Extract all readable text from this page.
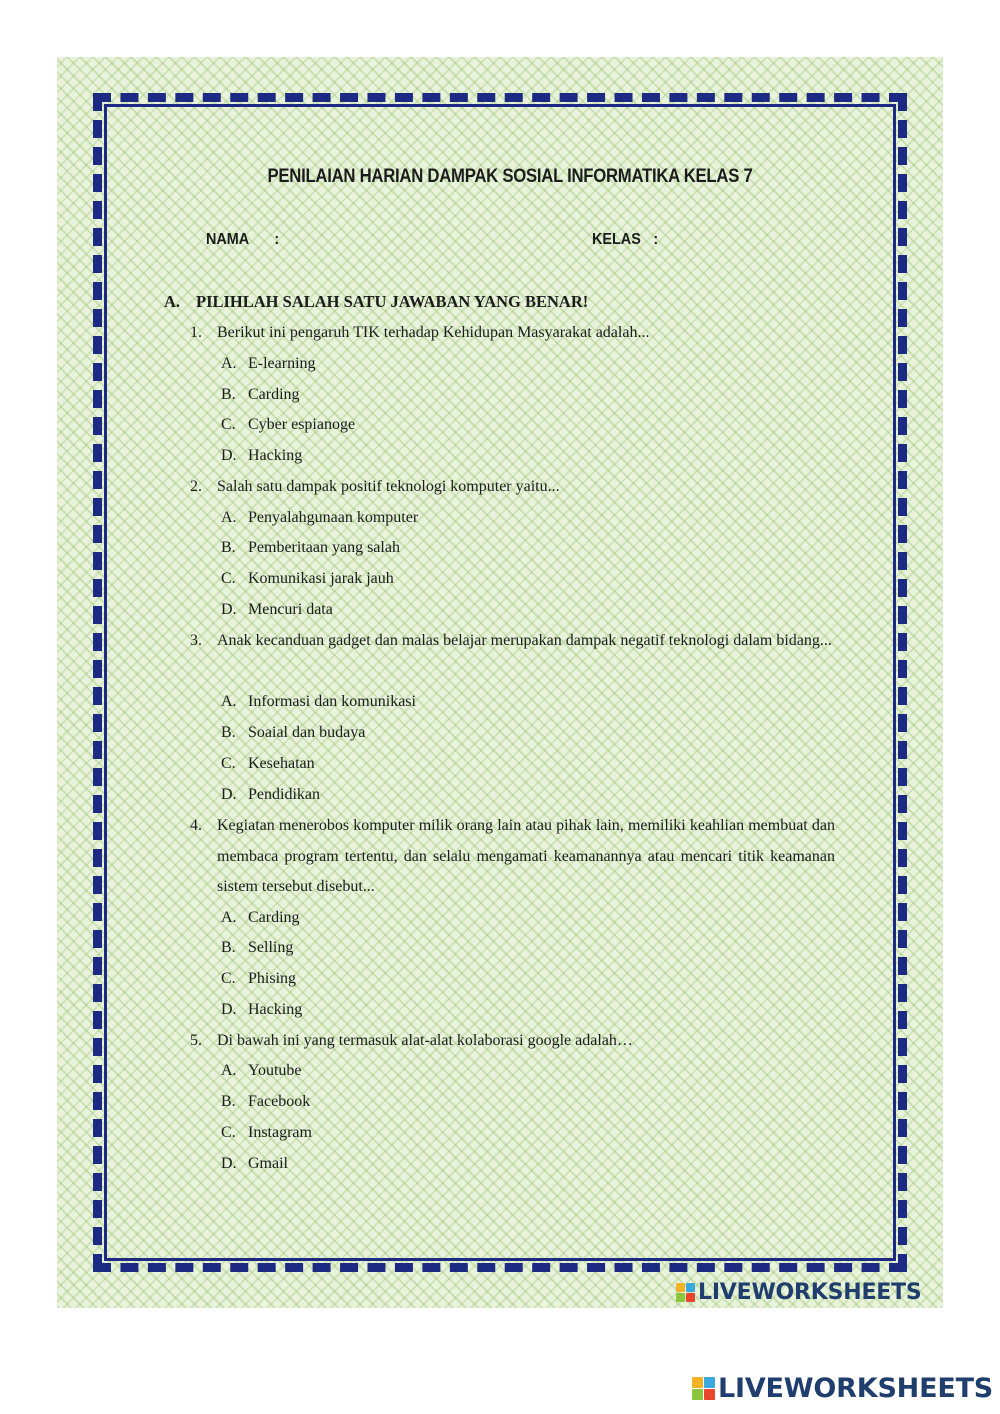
PENILAIAN HARIAN DAMPAK SOSIAL INFORMATIKA KELAS 7
NAMA :	KELAS :
A. PILIHLAH SALAH SATU JAWABAN YANG BENAR!
1. Berikut ini pengaruh TIK terhadap Kehidupan Masyarakat adalah...
A. E-learning
B. Carding
C. Cyber espianoge
D. Hacking
2. Salah satu dampak positif teknologi komputer yaitu...
A. Penyalahgunaan komputer
B. Pemberitaan yang salah
C. Komunikasi jarak jauh
D. Mencuri data
3. Anak kecanduan gadget dan malas belajar merupakan dampak negatif teknologi dalam bidang...
A. Informasi dan komunikasi
B. Soaial dan budaya
C. Kesehatan
D. Pendidikan
4. Kegiatan menerobos komputer milik orang lain atau pihak lain, memiliki keahlian membuat dan membaca program tertentu, dan selalu mengamati keamanannya atau mencari titik keamanan sistem tersebut disebut...
A. Carding
B. Selling
C. Phising
D. Hacking
5. Di bawah ini yang termasuk alat-alat kolaborasi google adalah…
A. Youtube
B. Facebook
C. Instagram
D. Gmail
LIVEWORKSHEETS
LIVEWORKSHEETS
